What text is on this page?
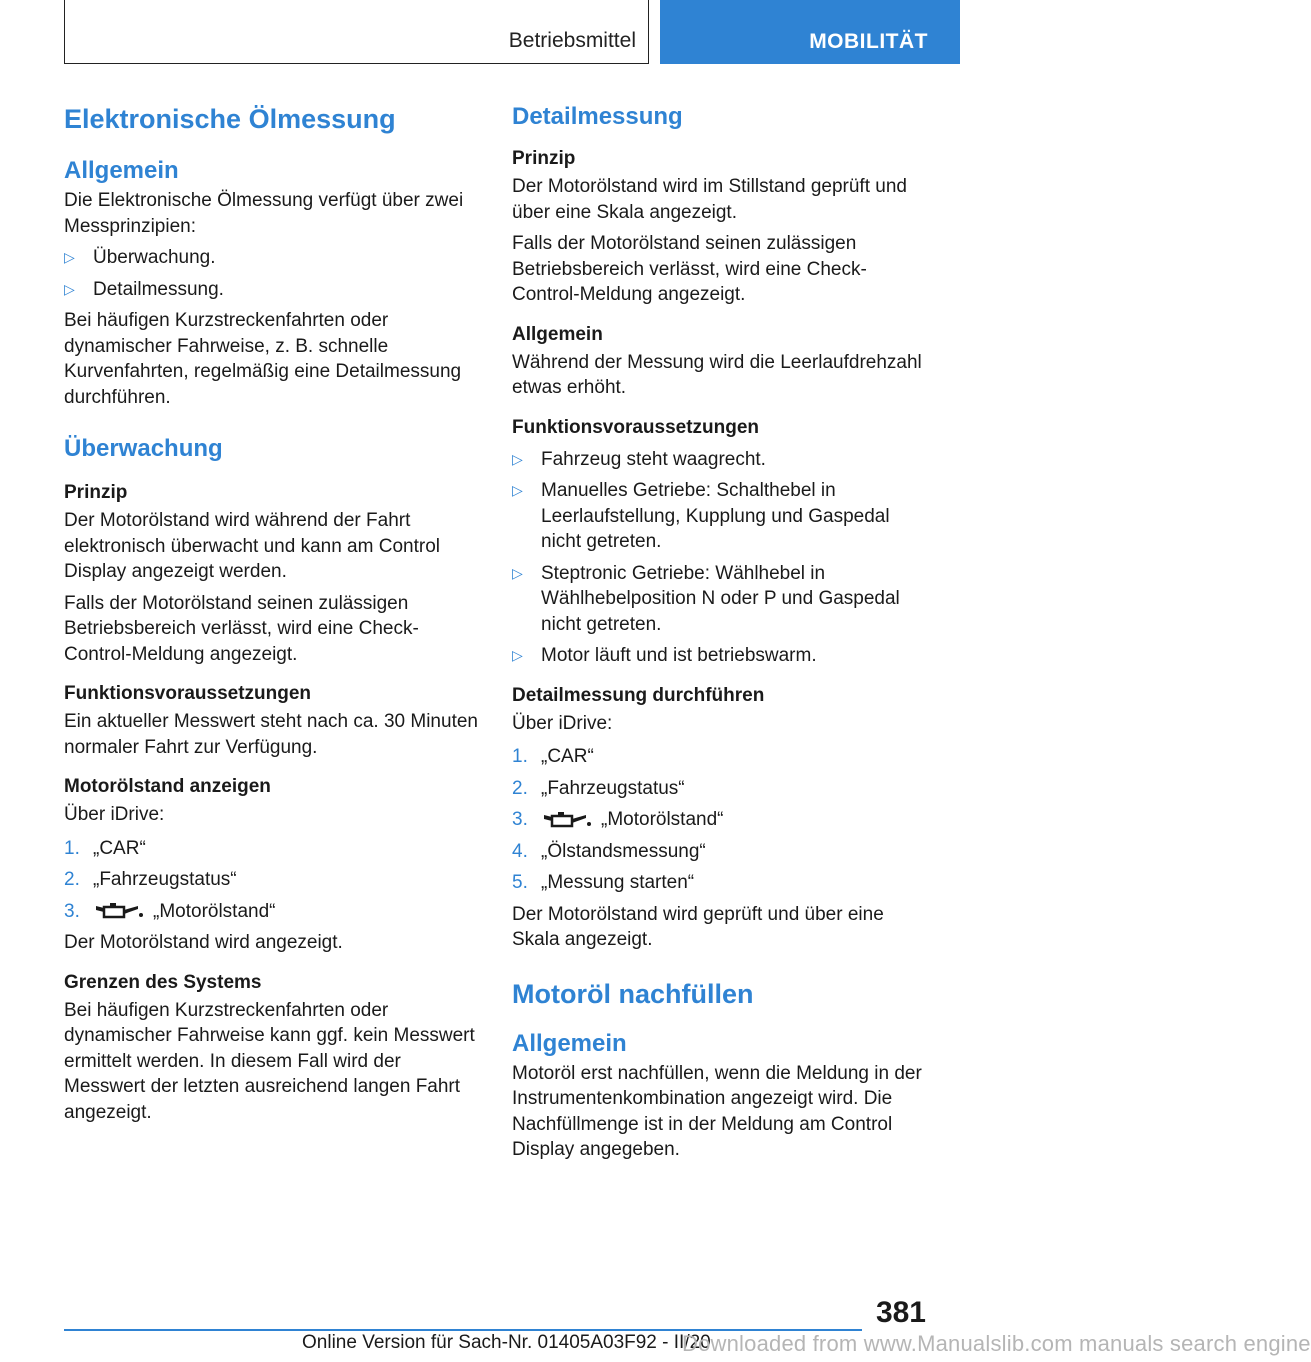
Betriebsmittel	MOBILITÄT
Elektronische Ölmessung
Allgemein

Die Elektronische Ölmessung verfügt über zwei Messprinzipien:

▷ Überwachung.
▷ Detailmessung.

Bei häufigen Kurzstreckenfahrten oder dynamischer Fahrweise, z. B. schnelle Kurvenfahrten, regelmäßig eine Detailmessung durchführen.

Überwachung
Prinzip

Der Motorölstand wird während der Fahrt elektronisch überwacht und kann am Control Display angezeigt werden.

Falls der Motorölstand seinen zulässigen Betriebsbereich verlässt, wird eine Check-Control-Meldung angezeigt.

Funktionsvoraussetzungen

Ein aktueller Messwert steht nach ca. 30 Minuten normaler Fahrt zur Verfügung.

Motorölstand anzeigen

Über iDrive:

1. „CAR“
2. „Fahrzeugstatus“
3.	„Motorölstand“

Der Motorölstand wird angezeigt.

Grenzen des Systems

Bei häufigen Kurzstreckenfahrten oder dynamischer Fahrweise kann ggf. kein Messwert ermittelt werden. In diesem Fall wird der Messwert der letzten ausreichend langen Fahrt angezeigt.

Detailmessung
Prinzip

Der Motorölstand wird im Stillstand geprüft und über eine Skala angezeigt.

Falls der Motorölstand seinen zulässigen Betriebsbereich verlässt, wird eine Check-Control-Meldung angezeigt.

Allgemein

Während der Messung wird die Leerlaufdrehzahl etwas erhöht.

Funktionsvoraussetzungen
▷ Fahrzeug steht waagrecht.
▷ Manuelles Getriebe: Schalthebel in Leerlaufstellung, Kupplung und Gaspedal nicht getreten.
▷ Steptronic Getriebe: Wählhebel in Wählhebelposition N oder P und Gaspedal nicht getreten.
▷ Motor läuft und ist betriebswarm.
Detailmessung durchführen

Über iDrive:

1. „CAR“
2. „Fahrzeugstatus“
3.	„Motorölstand“
4. „Ölstandsmessung“
5. „Messung starten“

Der Motorölstand wird geprüft und über eine Skala angezeigt.

Motoröl nachfüllen
Allgemein

Motoröl erst nachfüllen, wenn die Meldung in der Instrumentenkombination angezeigt wird. Die Nachfüllmenge ist in der Meldung am Control Display angegeben.

381
Online Version für Sach-Nr. 01405A03F92 - II/20
Downloaded from www.Manualslib.com manuals search engine
